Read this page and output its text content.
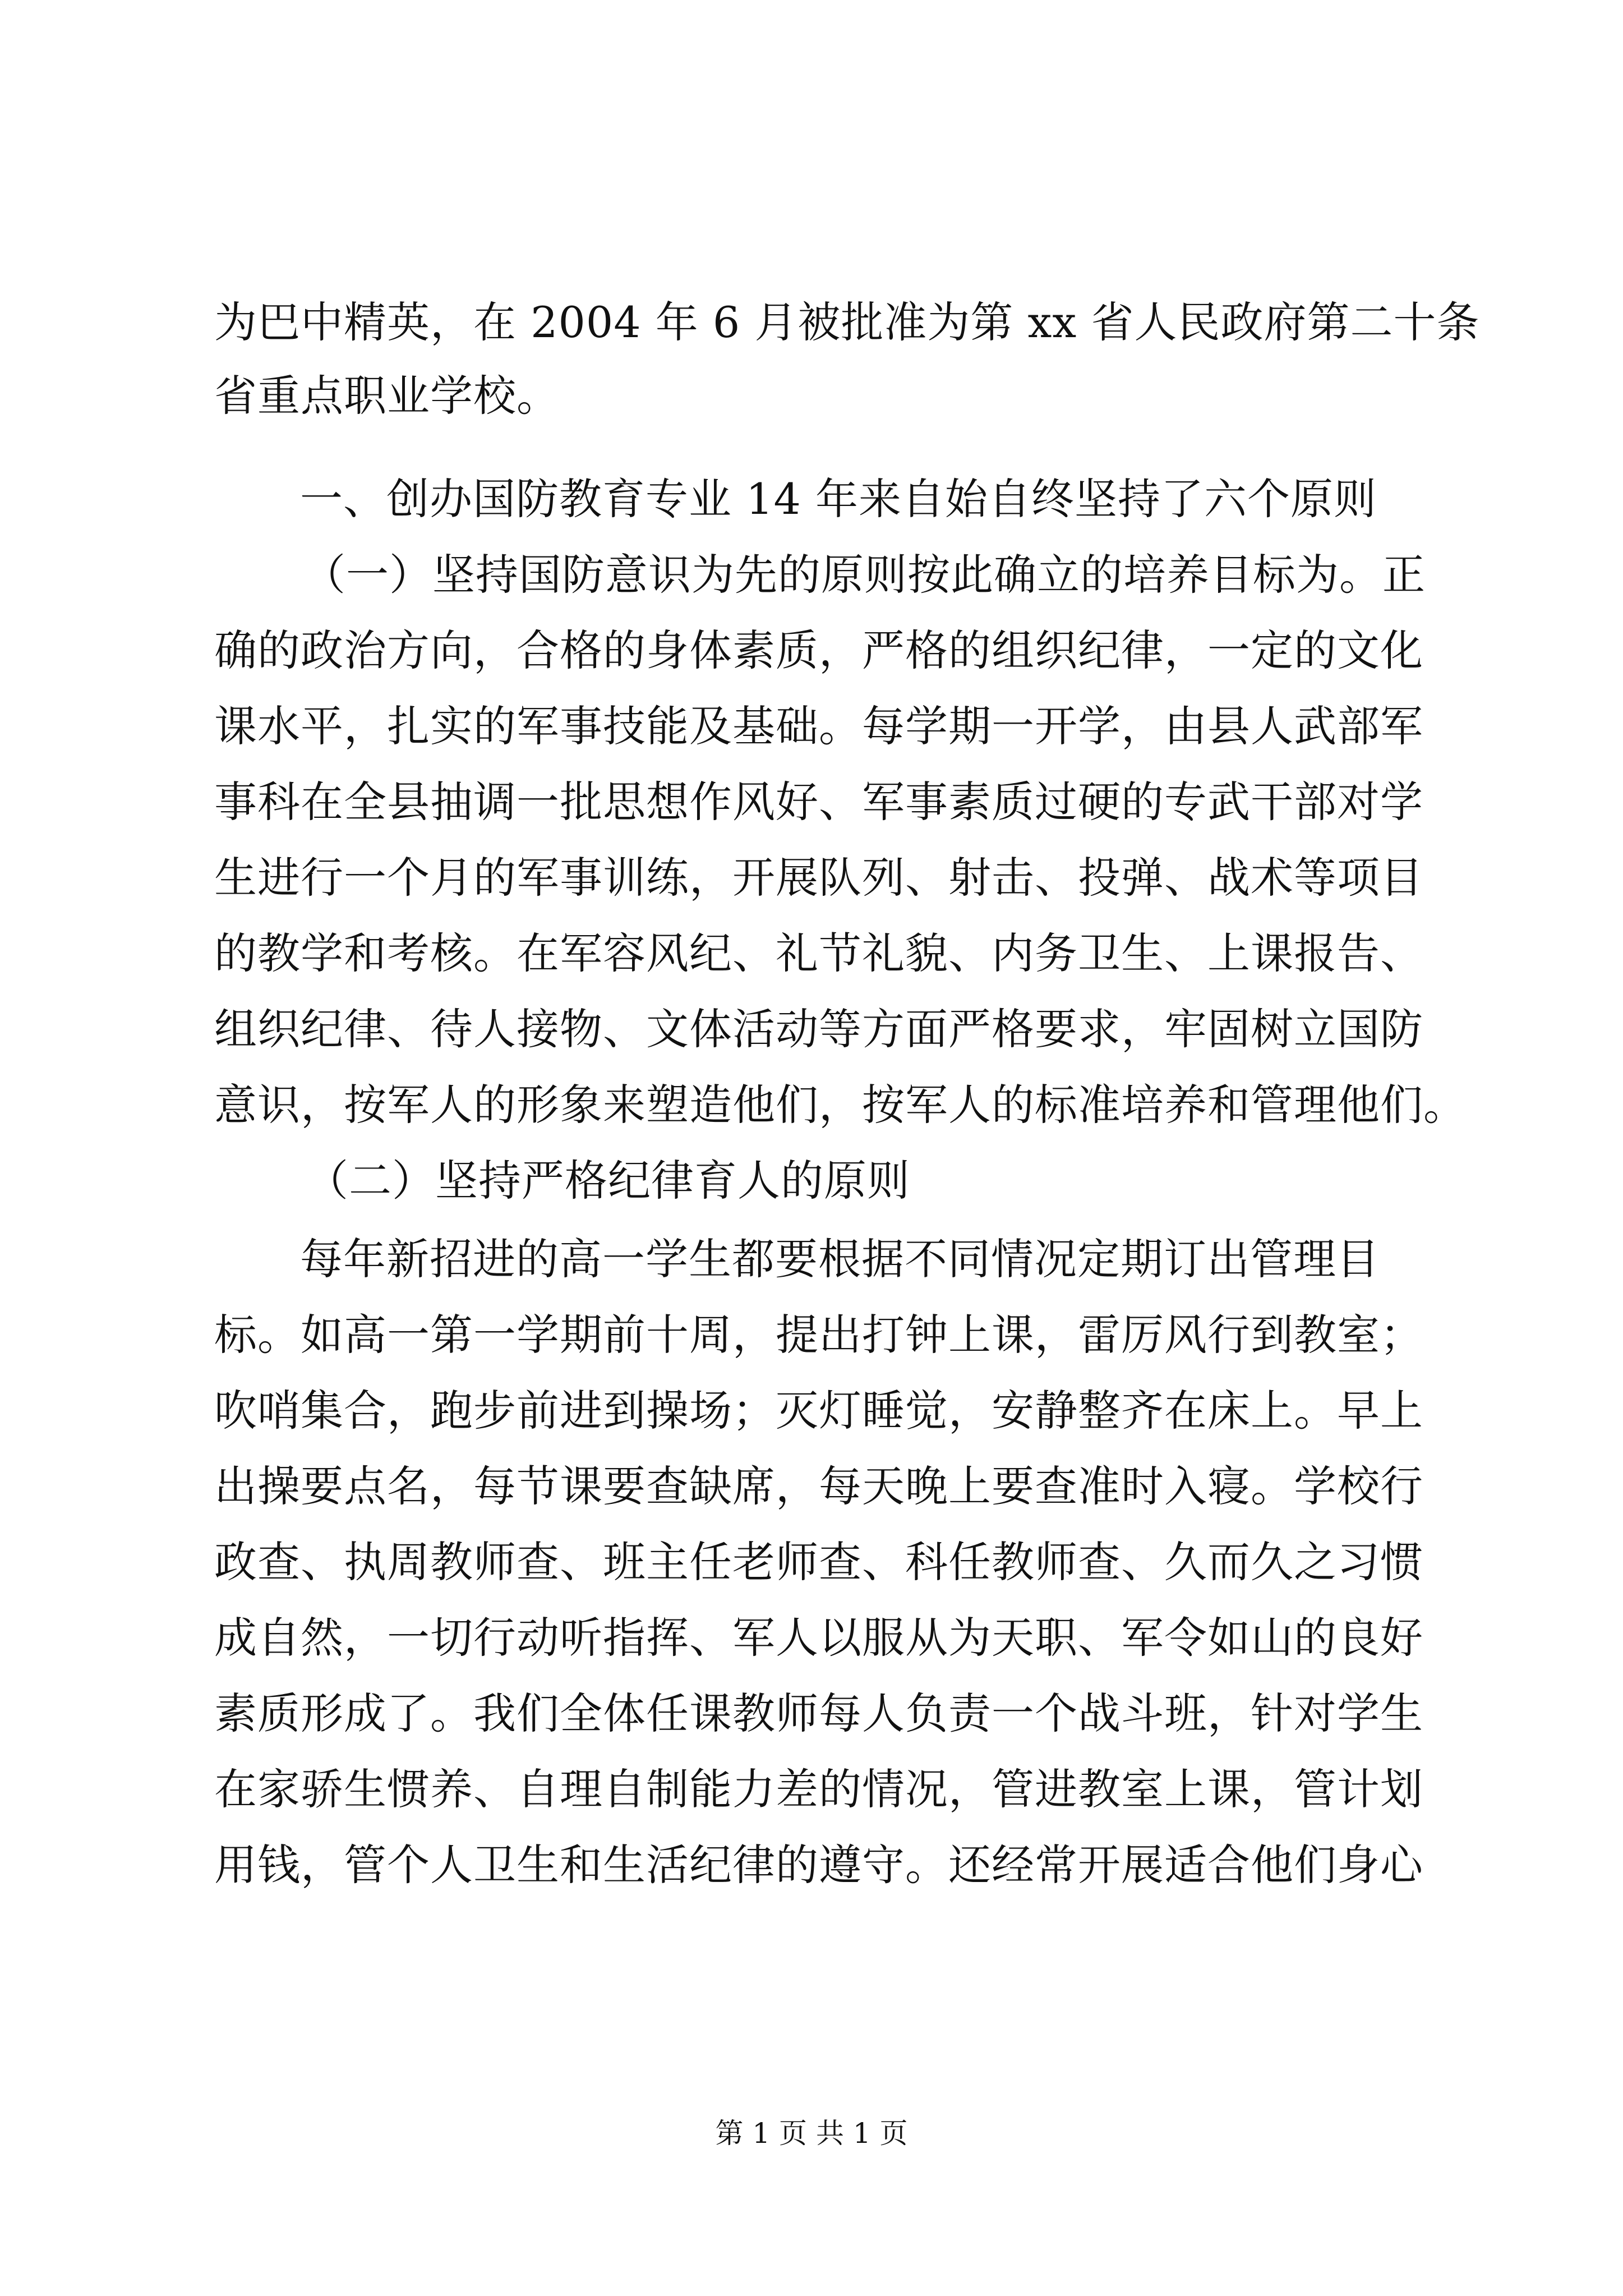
为巴中精英，在 2004 年 6 月被批准为第 xx 省人民政府第二十条
省重点职业学校。
一、创办国防教育专业 14 年来自始自终坚持了六个原则
（一）坚持国防意识为先的原则按此确立的培养目标为。正
确的政治方向，合格的身体素质，严格的组织纪律，一定的文化
课水平，扎实的军事技能及基础。每学期一开学，由县人武部军
事科在全县抽调一批思想作风好、军事素质过硬的专武干部对学
生进行一个月的军事训练，开展队列、射击、投弹、战术等项目
的教学和考核。在军容风纪、礼节礼貌、内务卫生、上课报告、
组织纪律、待人接物、文体活动等方面严格要求，牢固树立国防
意识，按军人的形象来塑造他们，按军人的标准培养和管理他们。
（二）坚持严格纪律育人的原则
每年新招进的高一学生都要根据不同情况定期订出管理目
标。如高一第一学期前十周，提出打钟上课，雷厉风行到教室；
吹哨集合，跑步前进到操场；灭灯睡觉，安静整齐在床上。早上
出操要点名，每节课要查缺席，每天晚上要查准时入寝。学校行
政查、执周教师查、班主任老师查、科任教师查、久而久之习惯
成自然，一切行动听指挥、军人以服从为天职、军令如山的良好
素质形成了。我们全体任课教师每人负责一个战斗班，针对学生
在家骄生惯养、自理自制能力差的情况，管进教室上课，管计划
用钱，管个人卫生和生活纪律的遵守。还经常开展适合他们身心
第 1 页 共 1 页
